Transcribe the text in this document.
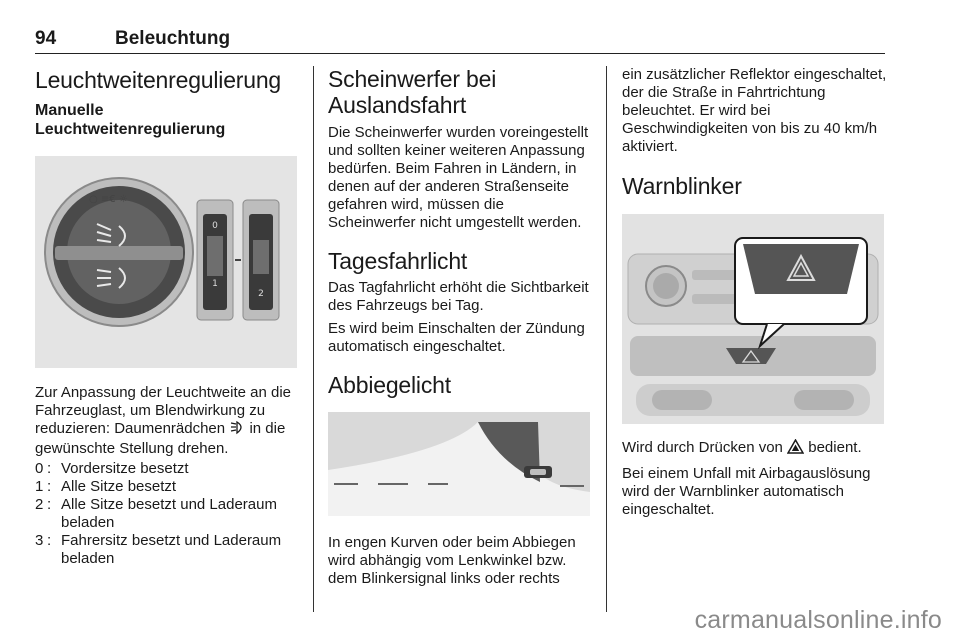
94	Beleuchtung
Leuchtweitenregulierung
Manuelle
Leuchtweitenregulierung
○ ≡€ ☼
0
1
2

Zur Anpassung der Leuchtweite an die Fahrzeuglast, um Blendwirkung zu reduzieren: Daumenrädchen in die gewünschte Stellung drehen.

0 : Vordersitze besetzt
1 : Alle Sitze besetzt
2 : Alle Sitze besetzt und Laderaum beladen
3 : Fahrersitz besetzt und Laderaum beladen
Scheinwerfer bei Auslandsfahrt

Die Scheinwerfer wurden voreingestellt und sollten keiner weiteren Anpassung bedürfen. Beim Fahren in Ländern, in denen auf der anderen Straßenseite gefahren wird, müssen die Scheinwerfer nicht umgestellt werden.

Tagesfahrlicht

Das Tagfahrlicht erhöht die Sichtbarkeit des Fahrzeugs bei Tag.

Es wird beim Einschalten der Zündung automatisch eingeschaltet.

Abbiegelicht

In engen Kurven oder beim Abbiegen wird abhängig vom Lenkwinkel bzw. dem Blinkersignal links oder rechts

ein zusätzlicher Reflektor eingeschaltet, der die Straße in Fahrtrichtung beleuchtet. Er wird bei Geschwindigkeiten von bis zu 40 km/h aktiviert.

Warnblinker

Wird durch Drücken von bedient.

Bei einem Unfall mit Airbagauslösung wird der Warnblinker automatisch eingeschaltet.

carmanualsonline.info
